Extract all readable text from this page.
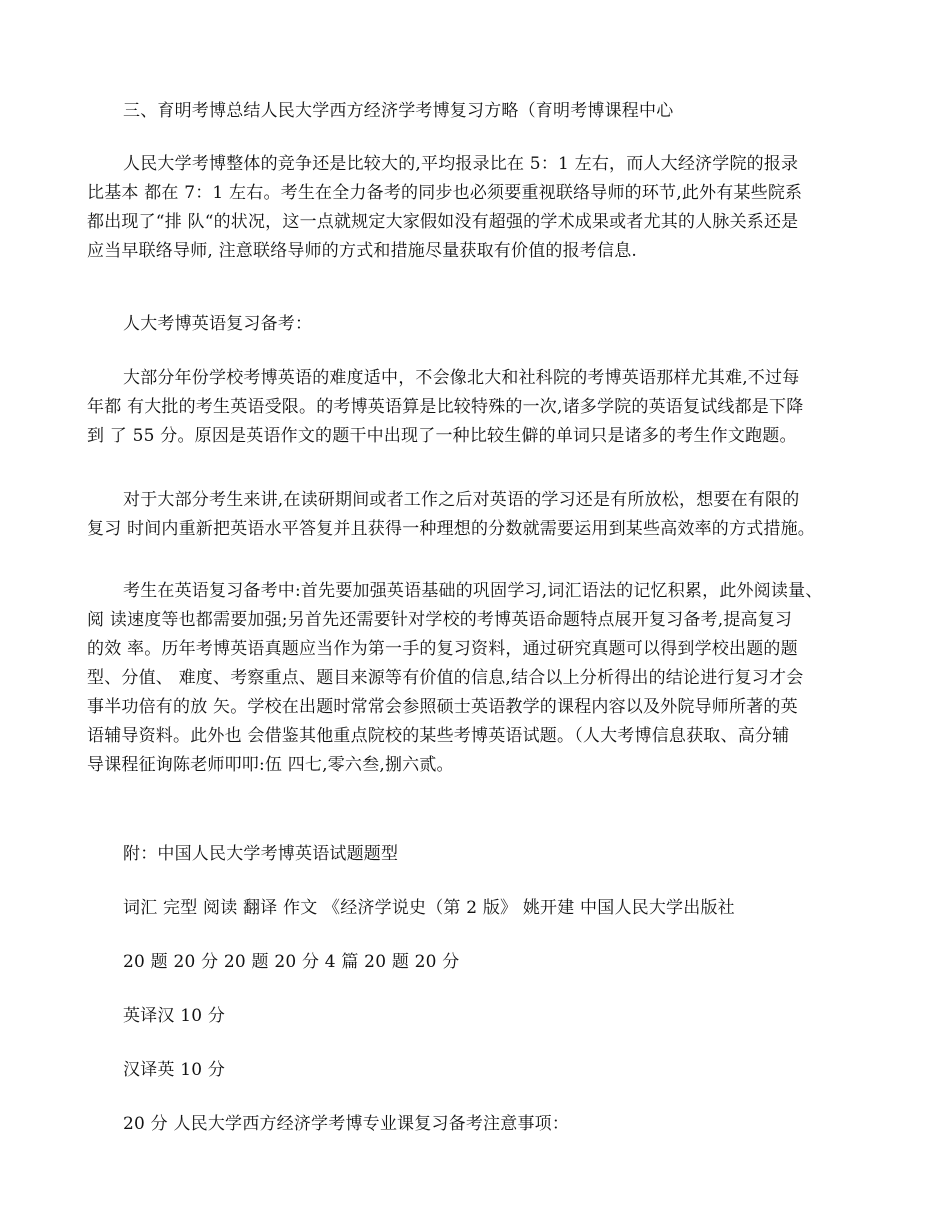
三、育明考博总结人民大学西方经济学考博复习方略（育明考博课程中心

人民大学考博整体的竞争还是比较大的,平均报录比在 5：1 左右，而人大经济学院的报录

比基本 都在 7：1 左右。考生在全力备考的同步也必须要重视联络导师的环节,此外有某些院系
都出现了“排 队“的状况，这一点就规定大家假如没有超强的学术成果或者尤其的人脉关系还是
应当早联络导师, 注意联络导师的方式和措施尽量获取有价值的报考信息.

人大考博英语复习备考：

大部分年份学校考博英语的难度适中，不会像北大和社科院的考博英语那样尤其难,不过每

年都 有大批的考生英语受限。的考博英语算是比较特殊的一次,诸多学院的英语复试线都是下降
到 了 55 分。原因是英语作文的题干中出现了一种比较生僻的单词只是诸多的考生作文跑题。

对于大部分考生来讲,在读研期间或者工作之后对英语的学习还是有所放松，想要在有限的

复习 时间内重新把英语水平答复并且获得一种理想的分数就需要运用到某些高效率的方式措施。

考生在英语复习备考中:首先要加强英语基础的巩固学习,词汇语法的记忆积累，此外阅读量、

阅 读速度等也都需要加强;另首先还需要针对学校的考博英语命题特点展开复习备考,提高复习
的效 率。历年考博英语真题应当作为第一手的复习资料，通过研究真题可以得到学校出题的题
型、分值、 难度、考察重点、题目来源等有价值的信息,结合以上分析得出的结论进行复习才会
事半功倍有的放 矢。学校在出题时常常会参照硕士英语教学的课程内容以及外院导师所著的英
语辅导资料。此外也 会借鉴其他重点院校的某些考博英语试题。（人大考博信息获取、高分辅
导课程征询陈老师叩叩:伍 四七,零六叁,捌六贰。

附：中国人民大学考博英语试题题型

词汇 完型 阅读 翻译 作文 《经济学说史（第 2 版》 姚开建 中国人民大学出版社

20 题 20 分 20 题 20 分 4 篇 20 题 20 分

英译汉 10 分

汉译英 10 分

20 分 人民大学西方经济学考博专业课复习备考注意事项：
